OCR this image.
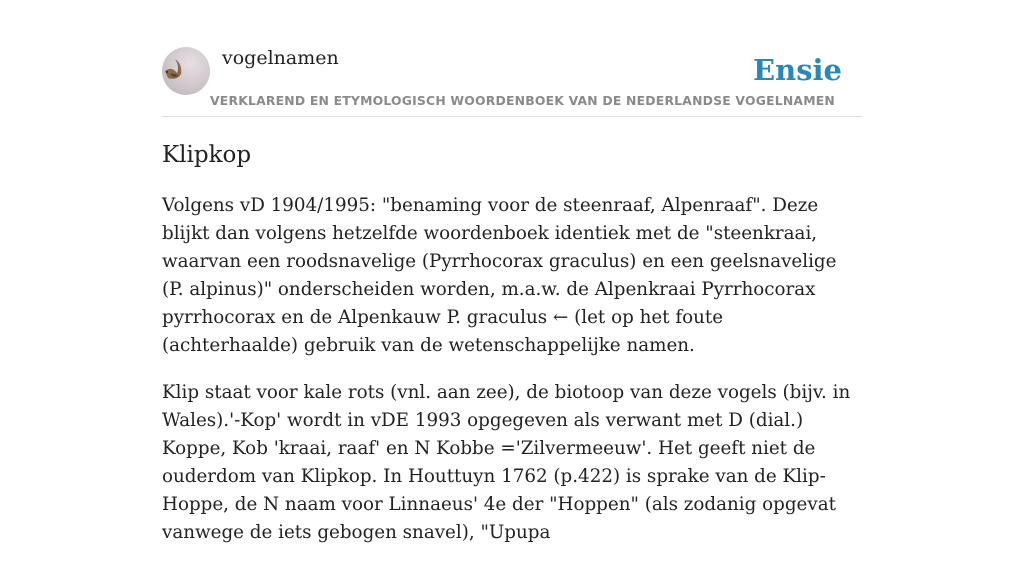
vogelnamen	Ensie
VERKLAREND EN ETYMOLOGISCH WOORDENBOEK VAN DE NEDERLANDSE VOGELNAMEN
Klipkop

Volgens vD 1904/1995: "benaming voor de steenraaf, Alpenraaf". Deze blijkt dan volgens hetzelfde woordenboek identiek met de "steenkraai, waarvan een roodsnavelige (Pyrrhocorax graculus) en een geelsnavelige (P. alpinus)" onderscheiden worden, m.a.w. de Alpenkraai Pyrrhocorax pyrrhocorax en de Alpenkauw P. graculus ← (let op het foute (achterhaalde) gebruik van de wetenschappelijke namen.

Klip staat voor kale rots (vnl. aan zee), de biotoop van deze vogels (bijv. in Wales).'-Kop' wordt in vDE 1993 opgegeven als verwant met D (dial.) Koppe, Kob 'kraai, raaf' en N Kobbe ='Zilvermeeuw'. Het geeft niet de ouderdom van Klipkop. In Houttuyn 1762 (p.422) is sprake van de Klip-Hoppe, de N naam voor Linnaeus' 4e der "Hoppen" (als zodanig opgevat vanwege de iets gebogen snavel), "Upupa
